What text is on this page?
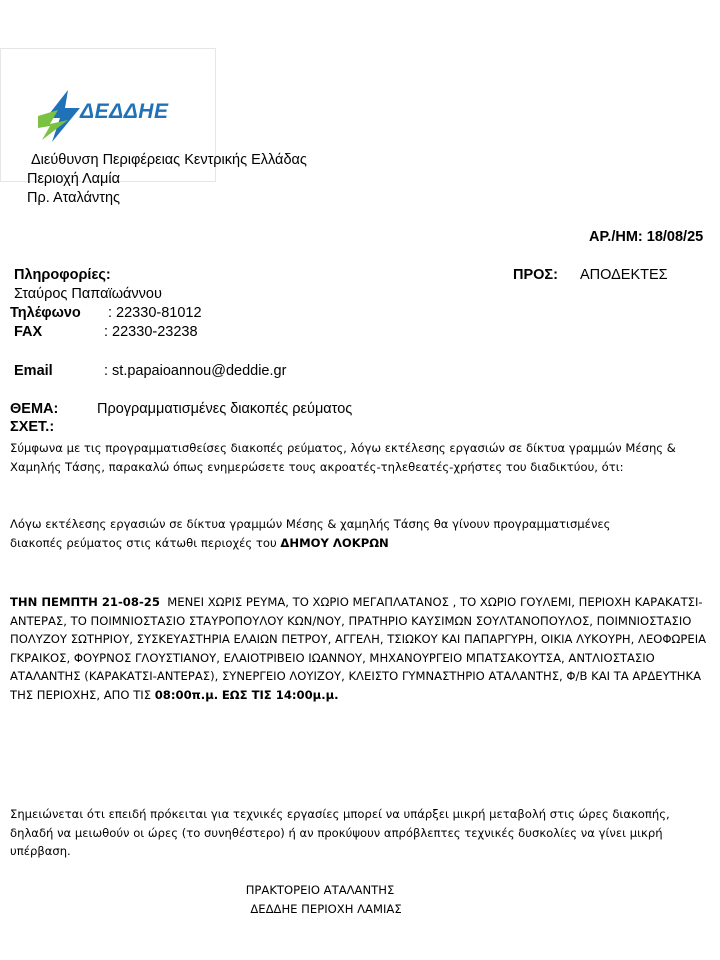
ΔΕΔΔΗΕ
Διεύθυνση Περιφέρειας Κεντρικής Ελλάδας
Περιοχή Λαμία
Πρ. Αταλάντης
ΑΡ./ΗΜ: 18/08/25
Πληροφορίες:
Σταύρος Παπαϊωάννου
Τηλέφωνο : 22330-81012
FAX	: 22330-23238
Email	: st.papaioannou@deddie.gr
ΠΡΟΣ: ΑΠΟΔΕΚΤΕΣ
ΘΕΜΑ:	Προγραμματισμένες διακοπές ρεύματος
ΣΧΕΤ.:

Σύμφωνα με τις προγραμματισθείσες διακοπές ρεύματος, λόγω εκτέλεσης εργασιών σε δίκτυα γραμμών Μέσης & Χαμηλής Τάσης, παρακαλώ όπως ενημερώσετε τους ακροατές-τηλεθεατές-χρήστες του διαδικτύου, ότι:

Λόγω εκτέλεσης εργασιών σε δίκτυα γραμμών Μέσης & χαμηλής Τάσης θα γίνουν προγραμματισμένες διακοπές ρεύματος στις κάτωθι περιοχές του ΔΗΜΟΥ ΛΟΚΡΩΝ

ΤΗΝ ΠΕΜΠΤΗ 21-08-25 ΜΕΝΕΙ ΧΩΡΙΣ ΡΕΥΜΑ, ΤΟ ΧΩΡΙΟ ΜΕΓΑΠΛΑΤΑΝΟΣ , ΤΟ ΧΩΡΙΟ ΓΟΥΛΕΜΙ, ΠΕΡΙΟΧΗ ΚΑΡΑΚΑΤΣΙ-ΑΝΤΕΡΑΣ, ΤΟ ΠΟΙΜΝΙΟΣΤΑΣΙΟ ΣΤΑΥΡΟΠΟΥΛΟΥ ΚΩΝ/ΝΟΥ, ΠΡΑΤΗΡΙΟ ΚΑΥΣΙΜΩΝ ΣΟΥΛΤΑΝΟΠΟΥΛΟΣ, ΠΟΙΜΝΙΟΣΤΑΣΙΟ ΠΟΛΥΖΟΥ ΣΩΤΗΡΙΟΥ, ΣΥΣΚΕΥΑΣΤΗΡΙΑ ΕΛΑΙΩΝ ΠΕΤΡΟΥ, ΑΓΓΕΛΗ, ΤΣΙΩΚΟΥ ΚΑΙ ΠΑΠΑΡΓΥΡΗ, ΟΙΚΙΑ ΛΥΚΟΥΡΗ, ΛΕΟΦΩΡΕΙΑ ΓΚΡΑΙΚΟΣ, ΦΟΥΡΝΟΣ ΓΛΟΥΣΤΙΑΝΟΥ, ΕΛΑΙΟΤΡΙΒΕΙΟ ΙΩΑΝΝΟΥ, ΜΗΧΑΝΟΥΡΓΕΙΟ ΜΠΑΤΣΑΚΟΥΤΣΑ, ΑΝΤΛΙΟΣΤΑΣΙΟ ΑΤΑΛΑΝΤΗΣ (ΚΑΡΑΚΑΤΣΙ-ΑΝΤΕΡΑΣ), ΣΥΝΕΡΓΕΙΟ ΛΟΥΙΖΟΥ, ΚΛΕΙΣΤΟ ΓΥΜΝΑΣΤΗΡΙΟ ΑΤΑΛΑΝΤΗΣ, Φ/Β ΚΑΙ ΤΑ ΑΡΔΕΥΤΗΚΑ ΤΗΣ ΠΕΡΙΟΧΗΣ, ΑΠΟ ΤΙΣ 08:00π.μ. ΕΩΣ ΤΙΣ 14:00μ.μ.

Σημειώνεται ότι επειδή πρόκειται για τεχνικές εργασίες μπορεί να υπάρξει μικρή μεταβολή στις ώρες διακοπής, δηλαδή να μειωθούν οι ώρες (το συνηθέστερο) ή αν προκύψουν απρόβλεπτες τεχνικές δυσκολίες να γίνει μικρή υπέρβαση.

ΠΡΑΚΤΟΡΕΙΟ ΑΤΑΛΑΝΤΗΣ
ΔΕΔΔΗΕ ΠΕΡΙΟΧΗ ΛΑΜΙΑΣ
